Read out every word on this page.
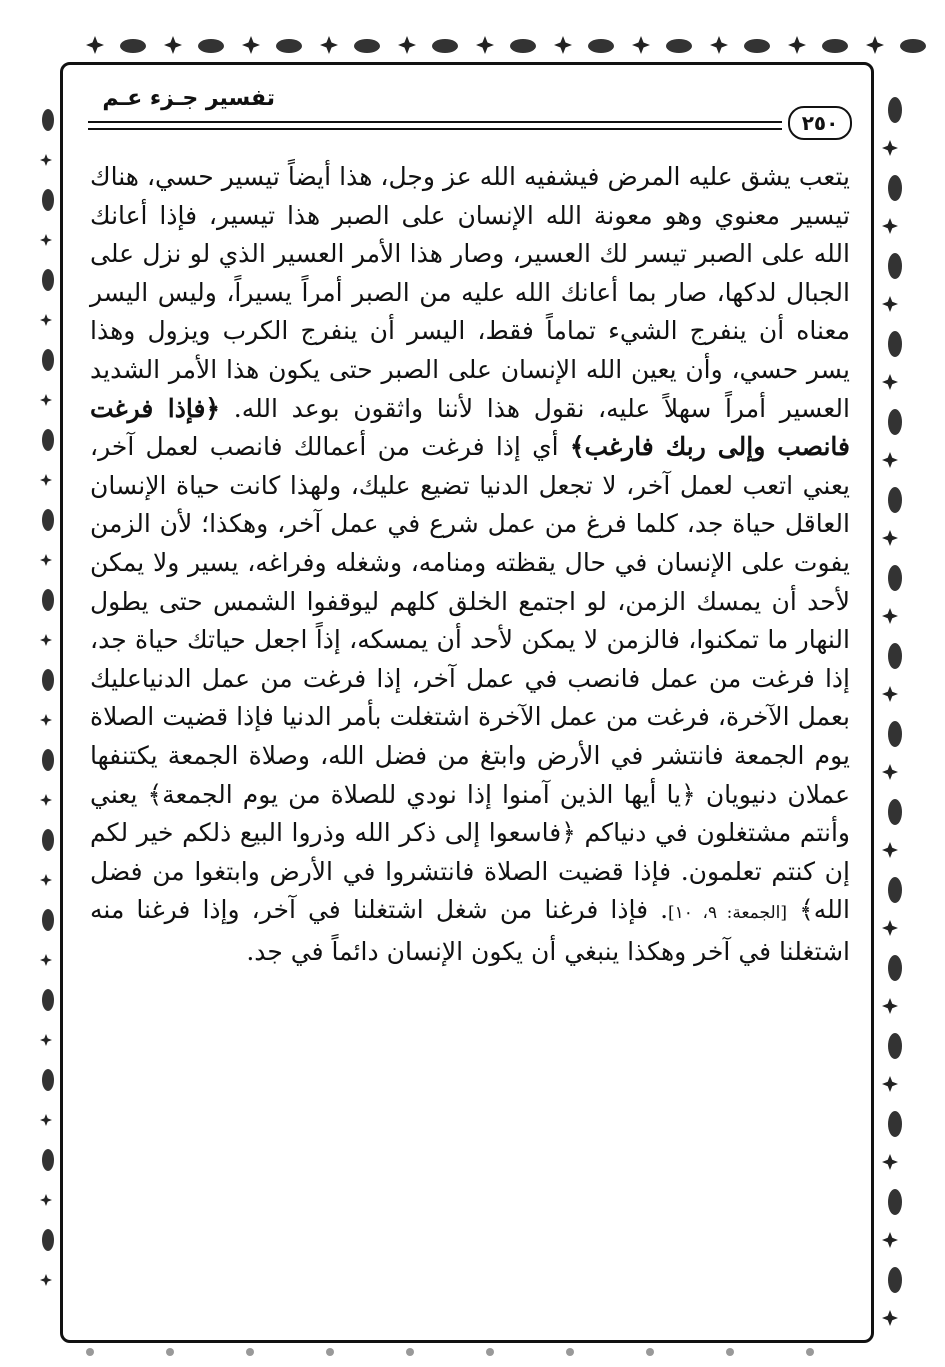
تفسير جـزء عـم
٢٥٠

يتعب يشق عليه المرض فيشفيه الله عز وجل، هذا أيضاً تيسير حسي، هناك تيسير معنوي وهو معونة الله الإنسان على الصبر هذا تيسير، فإذا أعانك الله على الصبر تيسر لك العسير، وصار هذا الأمر العسير الذي لو نزل على الجبال لدكها، صار بما أعانك الله عليه من الصبر أمراً يسيراً، وليس اليسر معناه أن ينفرج الشيء تماماً فقط، اليسر أن ينفرج الكرب ويزول وهذا يسر حسي، وأن يعين الله الإنسان على الصبر حتى يكون هذا الأمر الشديد العسير أمراً سهلاً عليه، نقول هذا لأننا واثقون بوعد الله. ﴿فإذا فرغت فانصب وإلى ربك فارغب﴾ أي إذا فرغت من أعمالك فانصب لعمل آخر، يعني اتعب لعمل آخر، لا تجعل الدنيا تضيع عليك، ولهذا كانت حياة الإنسان العاقل حياة جد، كلما فرغ من عمل شرع في عمل آخر، وهكذا؛ لأن الزمن يفوت على الإنسان في حال يقظته ومنامه، وشغله وفراغه، يسير ولا يمكن لأحد أن يمسك الزمن، لو اجتمع الخلق كلهم ليوقفوا الشمس حتى يطول النهار ما تمكنوا، فالزمن لا يمكن لأحد أن يمسكه، إذاً اجعل حياتك حياة جد، إذا فرغت من عمل فانصب في عمل آخر، إذا فرغت من عمل الدنياعليك بعمل الآخرة، فرغت من عمل الآخرة اشتغلت بأمر الدنيا فإذا قضيت الصلاة يوم الجمعة فانتشر في الأرض وابتغ من فضل الله، وصلاة الجمعة يكتنفها عملان دنيويان ﴿يا أيها الذين آمنوا إذا نودي للصلاة من يوم الجمعة﴾ يعني وأنتم مشتغلون في دنياكم ﴿فاسعوا إلى ذكر الله وذروا البيع ذلكم خير لكم إن كنتم تعلمون. فإذا قضيت الصلاة فانتشروا في الأرض وابتغوا من فضل الله﴾ [الجمعة: ٩، ١٠]. فإذا فرغنا من شغل اشتغلنا في آخر، وإذا فرغنا منه اشتغلنا في آخر وهكذا ينبغي أن يكون الإنسان دائماً في جد.
